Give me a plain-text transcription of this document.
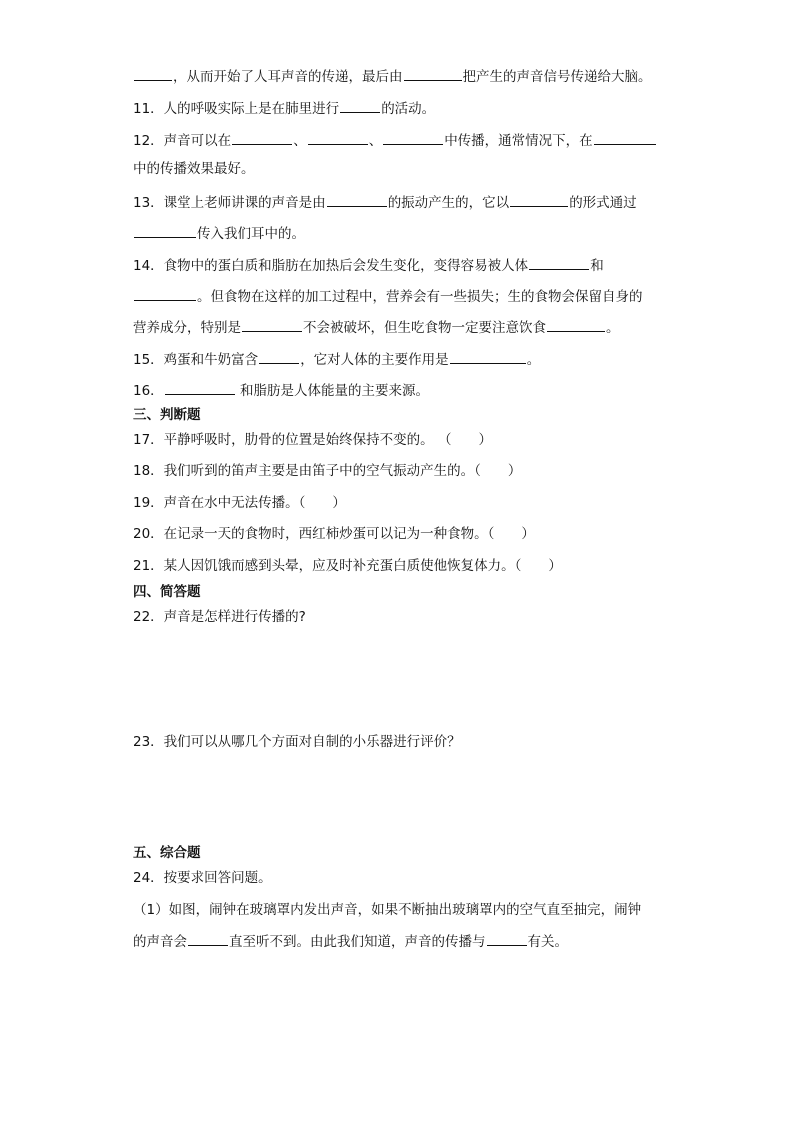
，从而开始了人耳声音的传递，最后由	把产生的声音信号传递给大脑。
11．人的呼吸实际上是在肺里进行	的活动。
12．声音可以在	、	、	中传播，通常情况下，在
中的传播效果最好。
13．课堂上老师讲课的声音是由	的振动产生的，它以	的形式通过
传入我们耳中的。
14．食物中的蛋白质和脂肪在加热后会发生变化，变得容易被人体	和
。但食物在这样的加工过程中，营养会有一些损失；生的食物会保留自身的
营养成分，特别是	不会被破坏，但生吃食物一定要注意饮食	。
15．鸡蛋和牛奶富含	，它对人体的主要作用是	。
16．	和脂肪是人体能量的主要来源。
三、判断题
17．平静呼吸时，肋骨的位置是始终保持不变的。 （　　）
18．我们听到的笛声主要是由笛子中的空气振动产生的。（　　）
19．声音在水中无法传播。（　　）
20．在记录一天的食物时，西红柿炒蛋可以记为一种食物。（　　）
21．某人因饥饿而感到头晕，应及时补充蛋白质使他恢复体力。（　　）
四、简答题
22．声音是怎样进行传播的?
23．我们可以从哪几个方面对自制的小乐器进行评价？
五、综合题
24．按要求回答问题。
（1）如图，闹钟在玻璃罩内发出声音，如果不断抽出玻璃罩内的空气直至抽完，闹钟
的声音会	直至听不到。由此我们知道，声音的传播与	有关。
